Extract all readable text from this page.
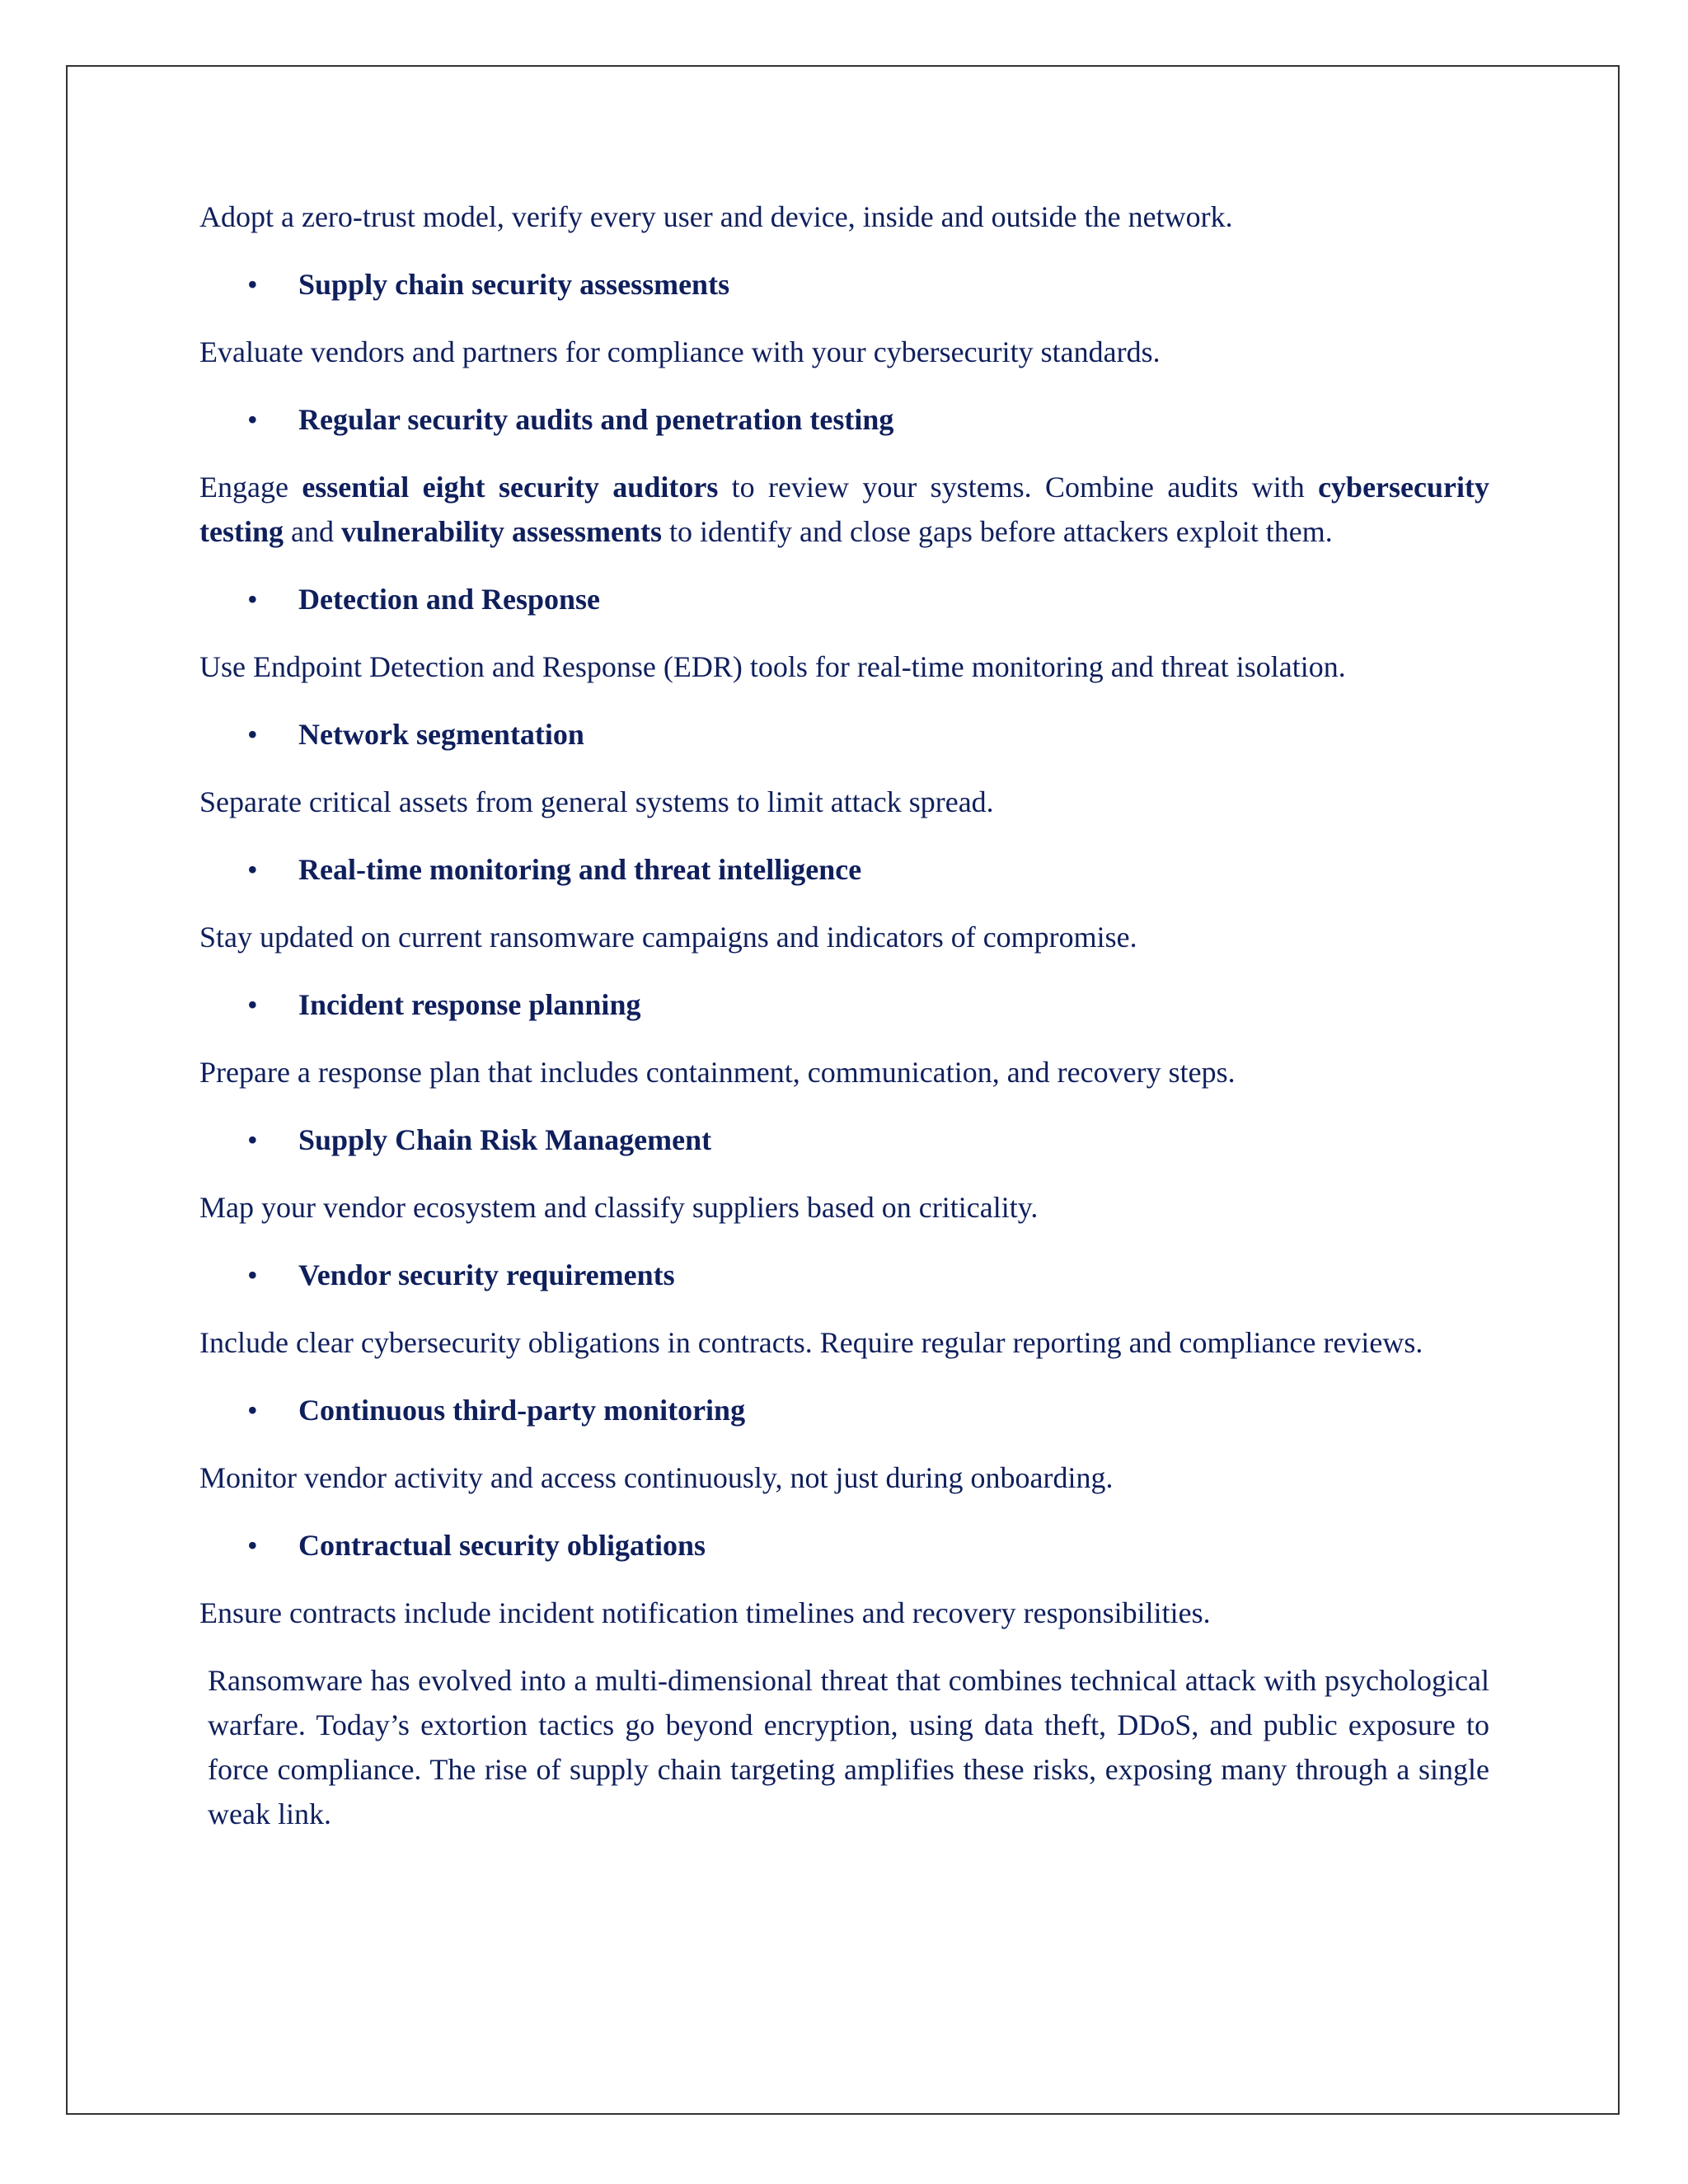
Adopt a zero-trust model, verify every user and device, inside and outside the network.

• Supply chain security assessments

Evaluate vendors and partners for compliance with your cybersecurity standards.

• Regular security audits and penetration testing

Engage essential eight security auditors to review your systems. Combine audits with cybersecurity testing and vulnerability assessments to identify and close gaps before attackers exploit them.

• Detection and Response

Use Endpoint Detection and Response (EDR) tools for real-time monitoring and threat isolation.

• Network segmentation

Separate critical assets from general systems to limit attack spread.

• Real-time monitoring and threat intelligence

Stay updated on current ransomware campaigns and indicators of compromise.

• Incident response planning

Prepare a response plan that includes containment, communication, and recovery steps.

• Supply Chain Risk Management

Map your vendor ecosystem and classify suppliers based on criticality.

• Vendor security requirements

Include clear cybersecurity obligations in contracts. Require regular reporting and compliance reviews.

• Continuous third-party monitoring

Monitor vendor activity and access continuously, not just during onboarding.

• Contractual security obligations

Ensure contracts include incident notification timelines and recovery responsibilities.

Ransomware has evolved into a multi-dimensional threat that combines technical attack with psychological warfare. Today’s extortion tactics go beyond encryption, using data theft, DDoS, and public exposure to force compliance. The rise of supply chain targeting amplifies these risks, exposing many through a single weak link.
